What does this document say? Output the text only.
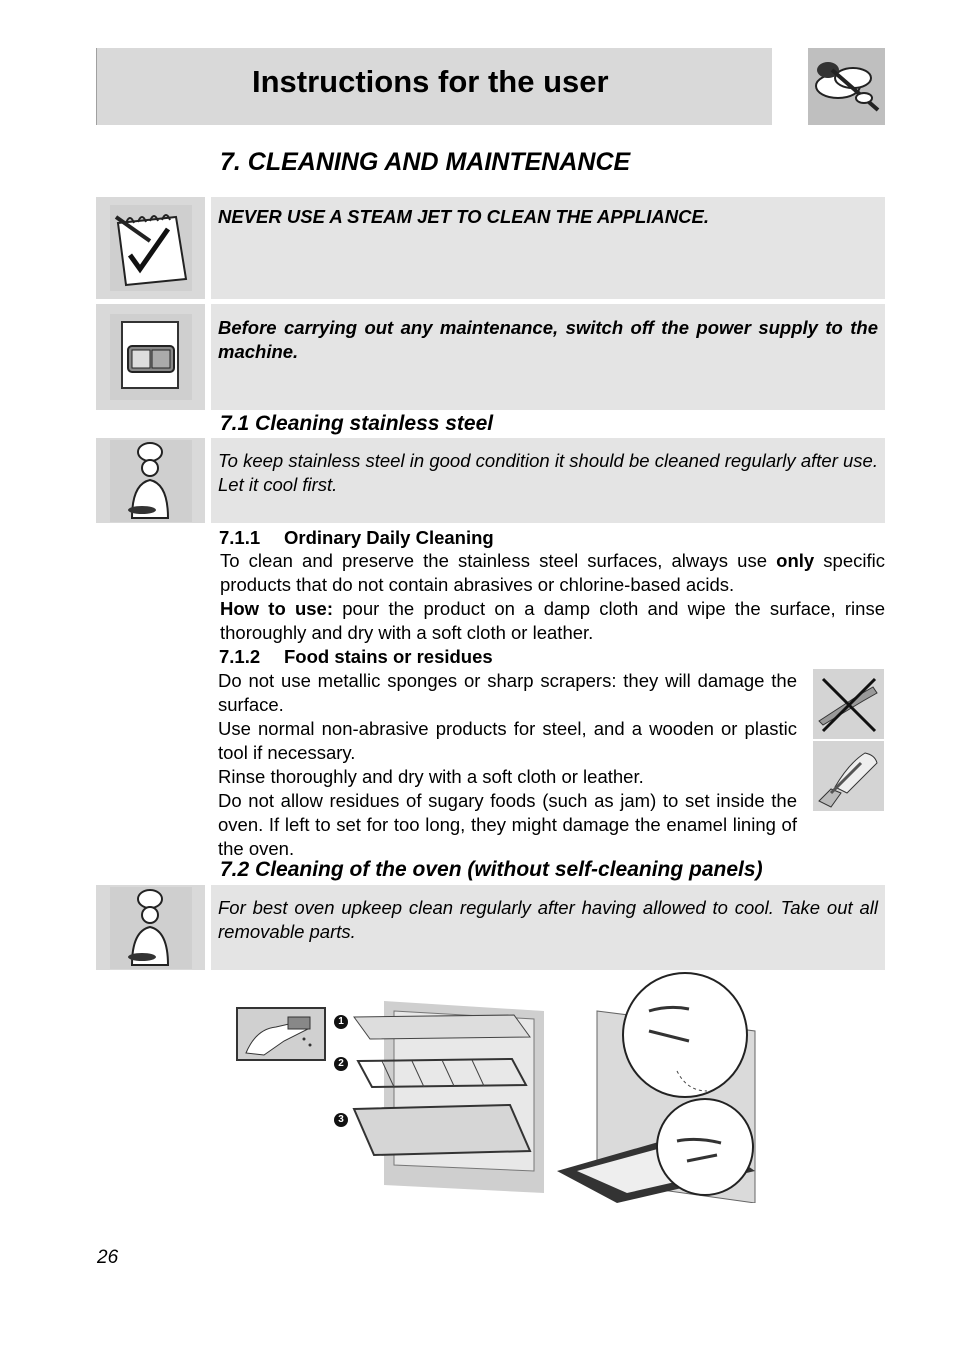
Instructions for the user
7. CLEANING AND MAINTENANCE
NEVER USE A STEAM JET TO CLEAN THE APPLIANCE.
Before carrying out any maintenance, switch off the power supply to the machine.
7.1 Cleaning stainless steel
To keep stainless steel in good condition it should be cleaned regularly after use. Let it cool first.
7.1.1 Ordinary Daily Cleaning
To clean and preserve the stainless steel surfaces, always use only specific products that do not contain abrasives or chlorine-based acids.
How to use: pour the product on a damp cloth and wipe the surface, rinse thoroughly and dry with a soft cloth or leather.
7.1.2 Food stains or residues
Do not use metallic sponges or sharp scrapers: they will damage the surface.
Use normal non-abrasive products for steel, and a wooden or plastic tool if necessary.
Rinse thoroughly and dry with a soft cloth or leather.
Do not allow residues of sugary foods (such as jam) to set inside the oven. If left to set for too long, they might damage the enamel lining of the oven.
7.2 Cleaning of the oven (without self-cleaning panels)
For best oven upkeep clean regularly after having allowed to cool. Take out all removable parts.
1
2
3
26
